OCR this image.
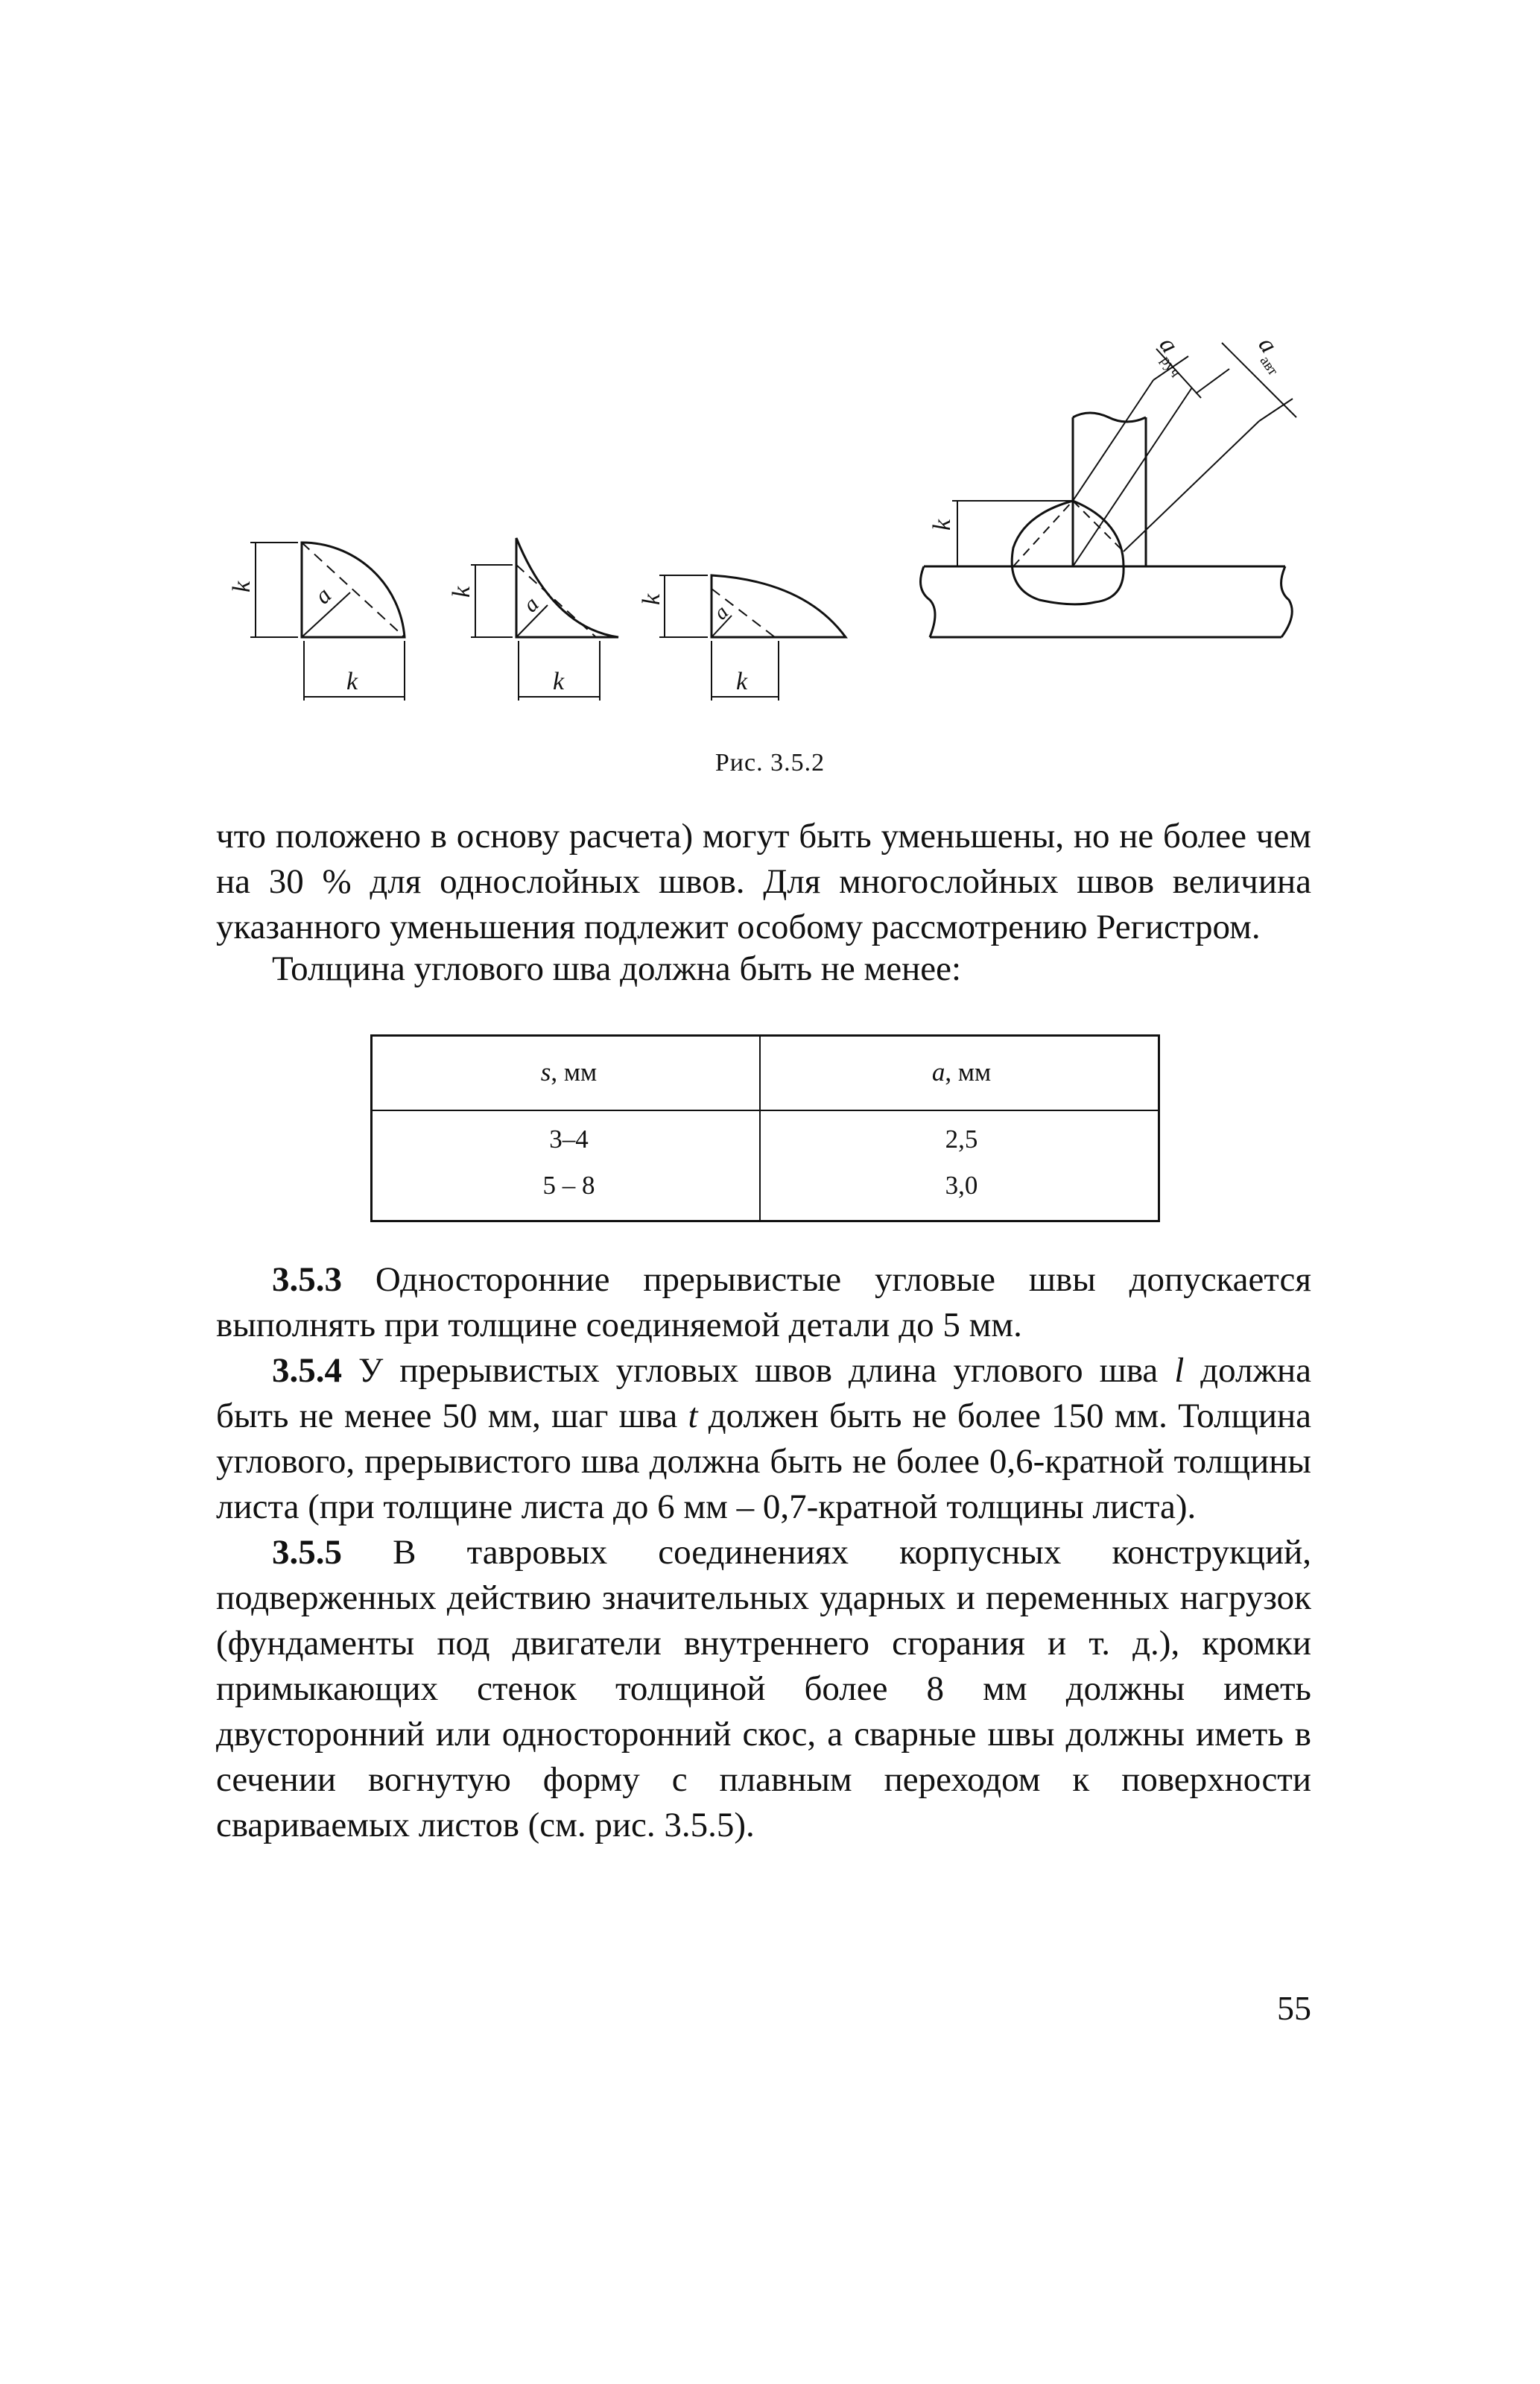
k
k
a	k
k
a	k
k
a
k
$a_{руч}$
$a_{авт}$
Рис. 3.5.2

что положено в основу расчета) могут быть уменьшены, но не более чем на 30 % для однослойных швов. Для многослойных швов величина указанного уменьшения подлежит особому рассмотрению Регистром.

Толщина углового шва должна быть не менее:

s, мм	a, мм
3–4	2,5
5 – 8	3,0

3.5.3 Односторонние прерывистые угловые швы допускается выполнять при толщине соединяемой детали до 5 мм.

3.5.4 У прерывистых угловых швов длина углового шва l должна быть не менее 50 мм, шаг шва t должен быть не более 150 мм. Толщина углового, прерывистого шва должна быть не более 0,6-кратной толщины листа (при толщине листа до 6 мм – 0,7-кратной толщины листа).

3.5.5 В тавровых соединениях корпусных конструкций, подверженных действию значительных ударных и переменных нагрузок (фундаменты под двигатели внутреннего сгорания и т. д.), кромки примыкающих стенок толщиной более 8 мм должны иметь двусторонний или односторонний скос, а сварные швы должны иметь в сечении вогнутую форму с плавным переходом к поверхности свариваемых листов (см. рис. 3.5.5).

55
